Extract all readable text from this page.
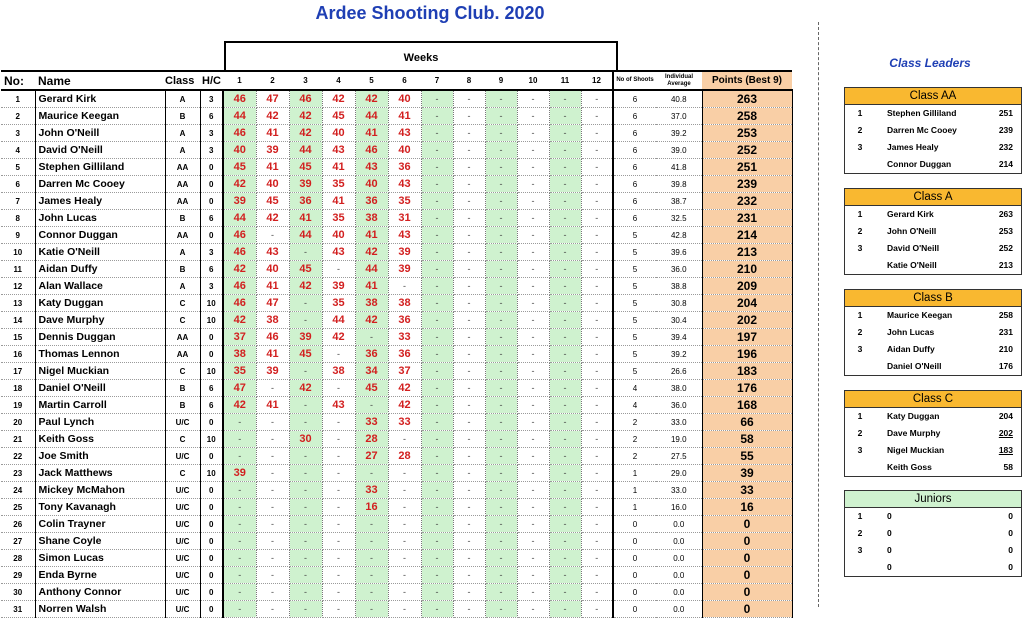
Ardee Shooting Club. 2020
Weeks
No:	Name	Class	H/C	1	2	3	4	5	6	7	8	9	10	11	12	No of Shoots	Individual Average	Points (Best 9)
1	Gerard Kirk	A	3	46	47	46	42	42	40	-	-	-	-	-	-	6	40.8	263
2	Maurice Keegan	B	6	44	42	42	45	44	41	-	-	-	-	-	-	6	37.0	258
3	John O'Neill	A	3	46	41	42	40	41	43	-	-	-	-	-	-	6	39.2	253
4	David O'Neill	A	3	40	39	44	43	46	40	-	-	-	-	-	-	6	39.0	252
5	Stephen Gilliland	AA	0	45	41	45	41	43	36	-	-	-	-	-	-	6	41.8	251
6	Darren Mc Cooey	AA	0	42	40	39	35	40	43	-	-	-	-	-	-	6	39.8	239
7	James Healy	AA	0	39	45	36	41	36	35	-	-	-	-	-	-	6	38.7	232
8	John Lucas	B	6	44	42	41	35	38	31	-	-	-	-	-	-	6	32.5	231
9	Connor Duggan	AA	0	46	-	44	40	41	43	-	-	-	-	-	-	5	42.8	214
10	Katie O'Neill	A	3	46	43	-	43	42	39	-	-	-	-	-	-	5	39.6	213
11	Aidan Duffy	B	6	42	40	45	-	44	39	-	-	-	-	-	-	5	36.0	210
12	Alan Wallace	A	3	46	41	42	39	41	-	-	-	-	-	-	-	5	38.8	209
13	Katy Duggan	C	10	46	47	-	35	38	38	-	-	-	-	-	-	5	30.8	204
14	Dave Murphy	C	10	42	38	-	44	42	36	-	-	-	-	-	-	5	30.4	202
15	Dennis Duggan	AA	0	37	46	39	42	-	33	-	-	-	-	-	-	5	39.4	197
16	Thomas Lennon	AA	0	38	41	45	-	36	36	-	-	-	-	-	-	5	39.2	196
17	Nigel Muckian	C	10	35	39	-	38	34	37	-	-	-	-	-	-	5	26.6	183
18	Daniel O'Neill	B	6	47	-	42	-	45	42	-	-	-	-	-	-	4	38.0	176
19	Martin Carroll	B	6	42	41	-	43	-	42	-	-	-	-	-	-	4	36.0	168
20	Paul Lynch	U/C	0	-	-	-	-	33	33	-	-	-	-	-	-	2	33.0	66
21	Keith Goss	C	10	-	-	30	-	28	-	-	-	-	-	-	-	2	19.0	58
22	Joe Smith	U/C	0	-	-	-	-	27	28	-	-	-	-	-	-	2	27.5	55
23	Jack Matthews	C	10	39	-	-	-	-	-	-	-	-	-	-	-	1	29.0	39
24	Mickey McMahon	U/C	0	-	-	-	-	33	-	-	-	-	-	-	-	1	33.0	33
25	Tony Kavanagh	U/C	0	-	-	-	-	16	-	-	-	-	-	-	-	1	16.0	16
26	Colin Trayner	U/C	0	-	-	-	-	-	-	-	-	-	-	-	-	0	0.0	0
27	Shane Coyle	U/C	0	-	-	-	-	-	-	-	-	-	-	-	-	0	0.0	0
28	Simon Lucas	U/C	0	-	-	-	-	-	-	-	-	-	-	-	-	0	0.0	0
29	Enda Byrne	U/C	0	-	-	-	-	-	-	-	-	-	-	-	-	0	0.0	0
30	Anthony Connor	U/C	0	-	-	-	-	-	-	-	-	-	-	-	-	0	0.0	0
31	Norren Walsh	U/C	0	-	-	-	-	-	-	-	-	-	-	-	-	0	0.0	0
Class Leaders
Class AA
1	Stephen Gilliland	251
2	Darren Mc Cooey	239
3	James Healy	232
Connor Duggan	214
Class A
1	Gerard Kirk	263
2	John O'Neill	253
3	David O'Neill	252
Katie O'Neill	213
Class B
1	Maurice Keegan	258
2	John Lucas	231
3	Aidan Duffy	210
Daniel O'Neill	176
Class C
1	Katy Duggan	204
2	Dave Murphy	202
3	Nigel Muckian	183
Keith Goss	58
Juniors
1	0	0
2	0	0
3	0	0
0	0
